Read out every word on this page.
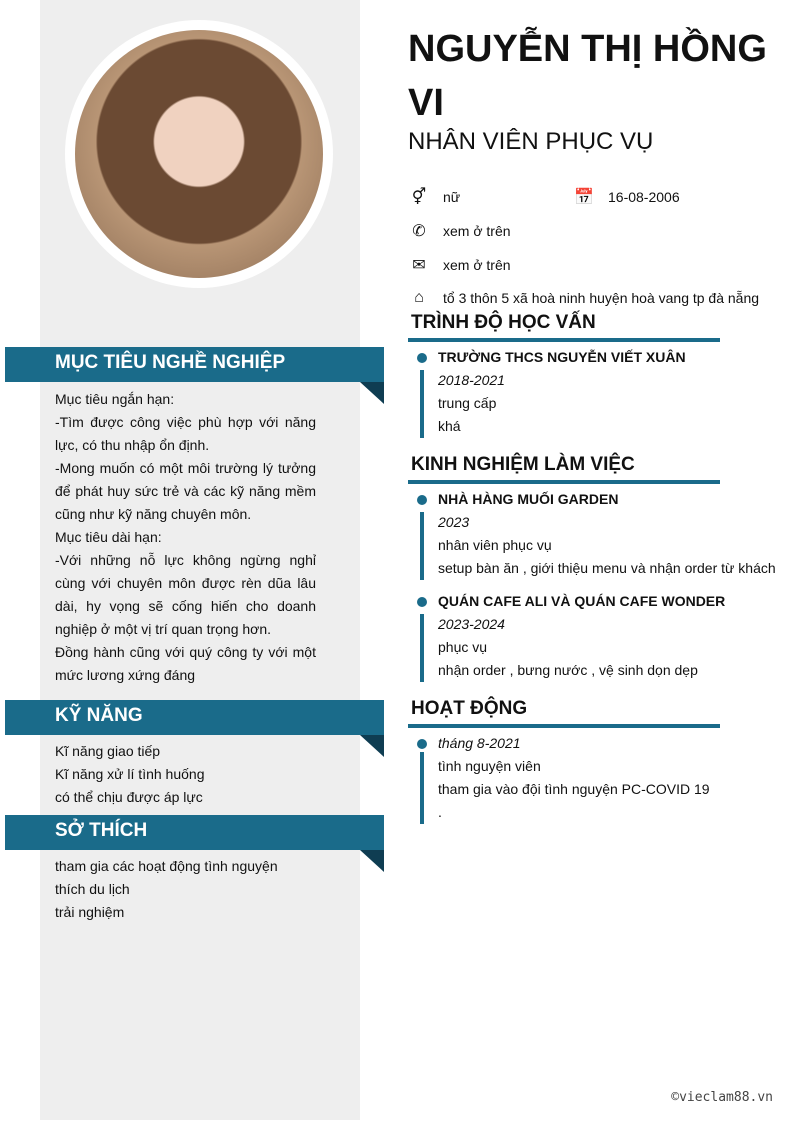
MỤC TIÊU NGHỀ NGHIỆP

Mục tiêu ngắn hạn:

-Tìm được công việc phù hợp với năng lực, có thu nhập ổn định.

-Mong muốn có một môi trường lý tưởng để phát huy sức trẻ và các kỹ năng mềm cũng như kỹ năng chuyên môn.

Mục tiêu dài hạn:

-Với những nỗ lực không ngừng nghỉ cùng với chuyên môn được rèn dũa lâu dài, hy vọng sẽ cống hiến cho doanh nghiệp ở một vị trí quan trọng hơn.

Đồng hành cũng với quý công ty với một mức lương xứng đáng

KỸ NĂNG
Kĩ năng giao tiếp
Kĩ năng xử lí tình huống
có thể chịu được áp lực
SỞ THÍCH
tham gia các hoạt động tình nguyện
thích du lịch
trải nghiệm
NGUYỄN THỊ HỒNG VI
NHÂN VIÊN PHỤC VỤ
⚥ nữ	📅 16-08-2006
✆	xem ở trên
✉	xem ở trên
⌂	tổ 3 thôn 5 xã hoà ninh huyện hoà vang tp đà nẵng
TRÌNH ĐỘ HỌC VẤN
TRƯỜNG THCS NGUYỄN VIẾT XUÂN
2018-2021
trung cấp
khá
KINH NGHIỆM LÀM VIỆC
NHÀ HÀNG MUỐI GARDEN
2023
nhân viên phục vụ
setup bàn ăn , giới thiệu menu và nhận order từ khách
QUÁN CAFE ALI VÀ QUÁN CAFE WONDER
2023-2024
phục vụ
nhận order , bưng nước , vệ sinh dọn dẹp
HOẠT ĐỘNG
tháng 8-2021
tình nguyện viên
tham gia vào đội tình nguyện PC-COVID 19
.
©vieclam88.vn
